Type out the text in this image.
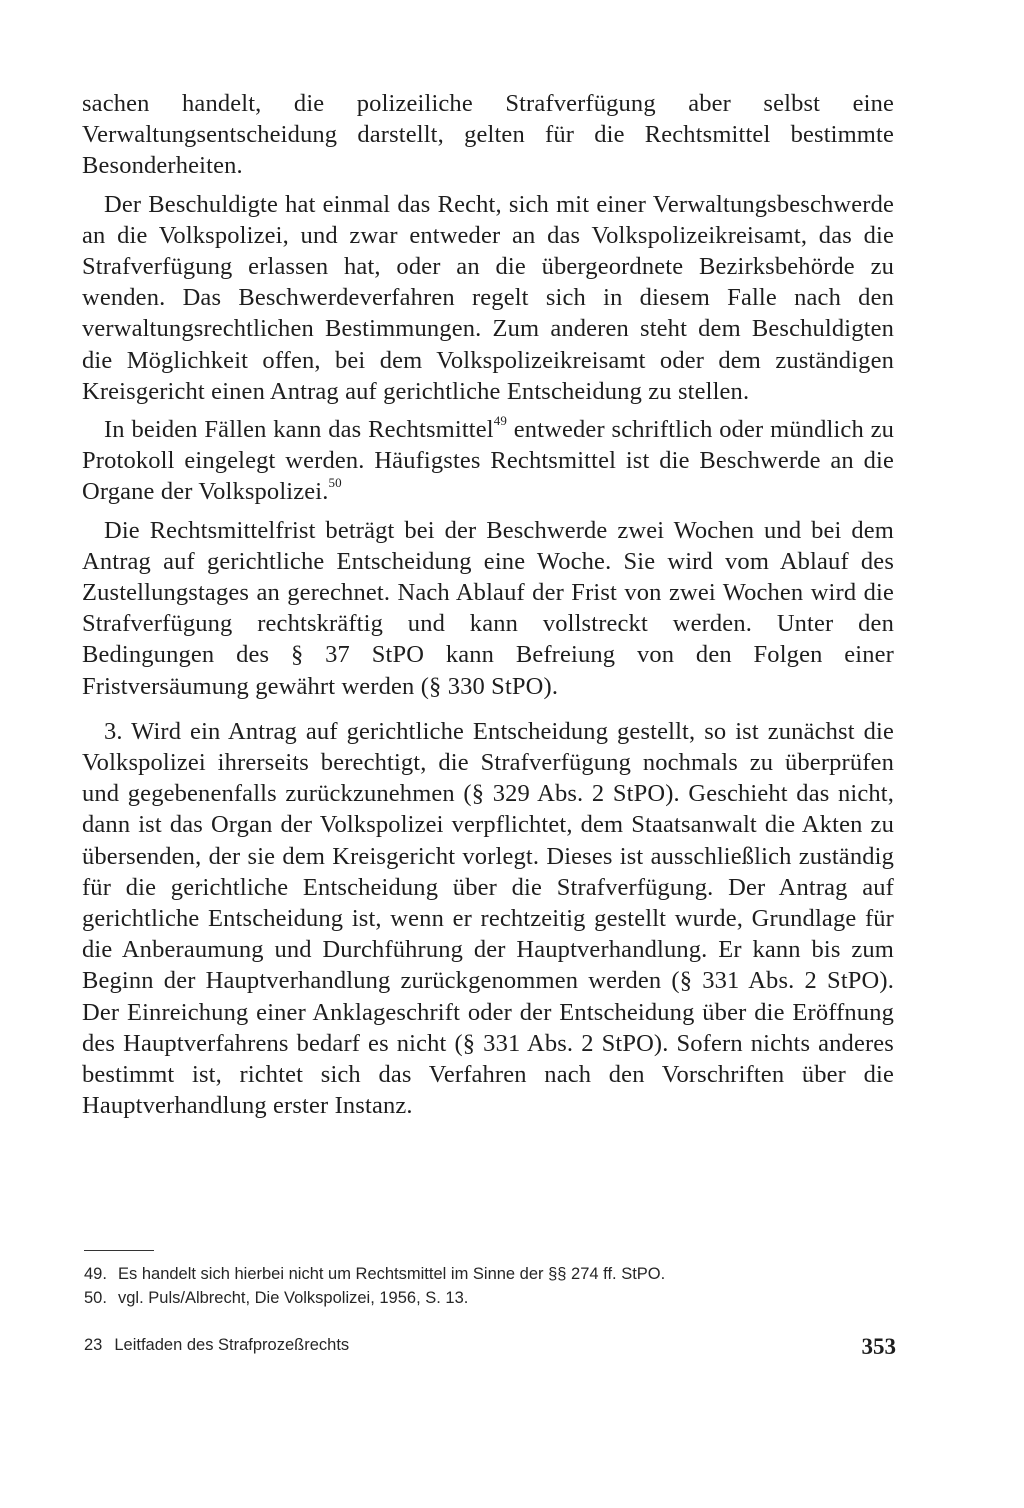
sachen handelt, die polizeiliche Strafverfügung aber selbst eine Verwaltungsentscheidung darstellt, gelten für die Rechtsmittel bestimmte Besonderheiten.

Der Beschuldigte hat einmal das Recht, sich mit einer Verwaltungsbeschwerde an die Volkspolizei, und zwar entweder an das Volkspolizeikreisamt, das die Strafverfügung erlassen hat, oder an die übergeordnete Bezirksbehörde zu wenden. Das Beschwerdeverfahren regelt sich in diesem Falle nach den verwaltungsrechtlichen Bestimmungen. Zum anderen steht dem Beschuldigten die Möglichkeit offen, bei dem Volkspolizeikreisamt oder dem zuständigen Kreisgericht einen Antrag auf gerichtliche Entscheidung zu stellen.

In beiden Fällen kann das Rechtsmittel$^{49}$ entweder schriftlich oder mündlich zu Protokoll eingelegt werden. Häufigstes Rechtsmittel ist die Beschwerde an die Organe der Volkspolizei.$^{50}$

Die Rechtsmittelfrist beträgt bei der Beschwerde zwei Wochen und bei dem Antrag auf gerichtliche Entscheidung eine Woche. Sie wird vom Ablauf des Zustellungstages an gerechnet. Nach Ablauf der Frist von zwei Wochen wird die Strafverfügung rechtskräftig und kann vollstreckt werden. Unter den Bedingungen des § 37 StPO kann Befreiung von den Folgen einer Fristversäumung gewährt werden (§ 330 StPO).

3. Wird ein Antrag auf gerichtliche Entscheidung gestellt, so ist zunächst die Volkspolizei ihrerseits berechtigt, die Strafverfügung nochmals zu überprüfen und gegebenenfalls zurückzunehmen (§ 329 Abs. 2 StPO). Geschieht das nicht, dann ist das Organ der Volkspolizei verpflichtet, dem Staatsanwalt die Akten zu übersenden, der sie dem Kreisgericht vorlegt. Dieses ist ausschließlich zuständig für die gerichtliche Entscheidung über die Strafverfügung. Der Antrag auf gerichtliche Entscheidung ist, wenn er rechtzeitig gestellt wurde, Grundlage für die Anberaumung und Durchführung der Hauptverhandlung. Er kann bis zum Beginn der Hauptverhandlung zurückgenommen werden (§ 331 Abs. 2 StPO). Der Einreichung einer Anklageschrift oder der Entscheidung über die Eröffnung des Hauptverfahrens bedarf es nicht (§ 331 Abs. 2 StPO). Sofern nichts anderes bestimmt ist, richtet sich das Verfahren nach den Vorschriften über die Hauptverhandlung erster Instanz.

49. Es handelt sich hierbei nicht um Rechtsmittel im Sinne der §§ 274 ff. StPO.
50. vgl. Puls/Albrecht, Die Volkspolizei, 1956, S. 13.
23 Leitfaden des Strafprozeßrechts	353
